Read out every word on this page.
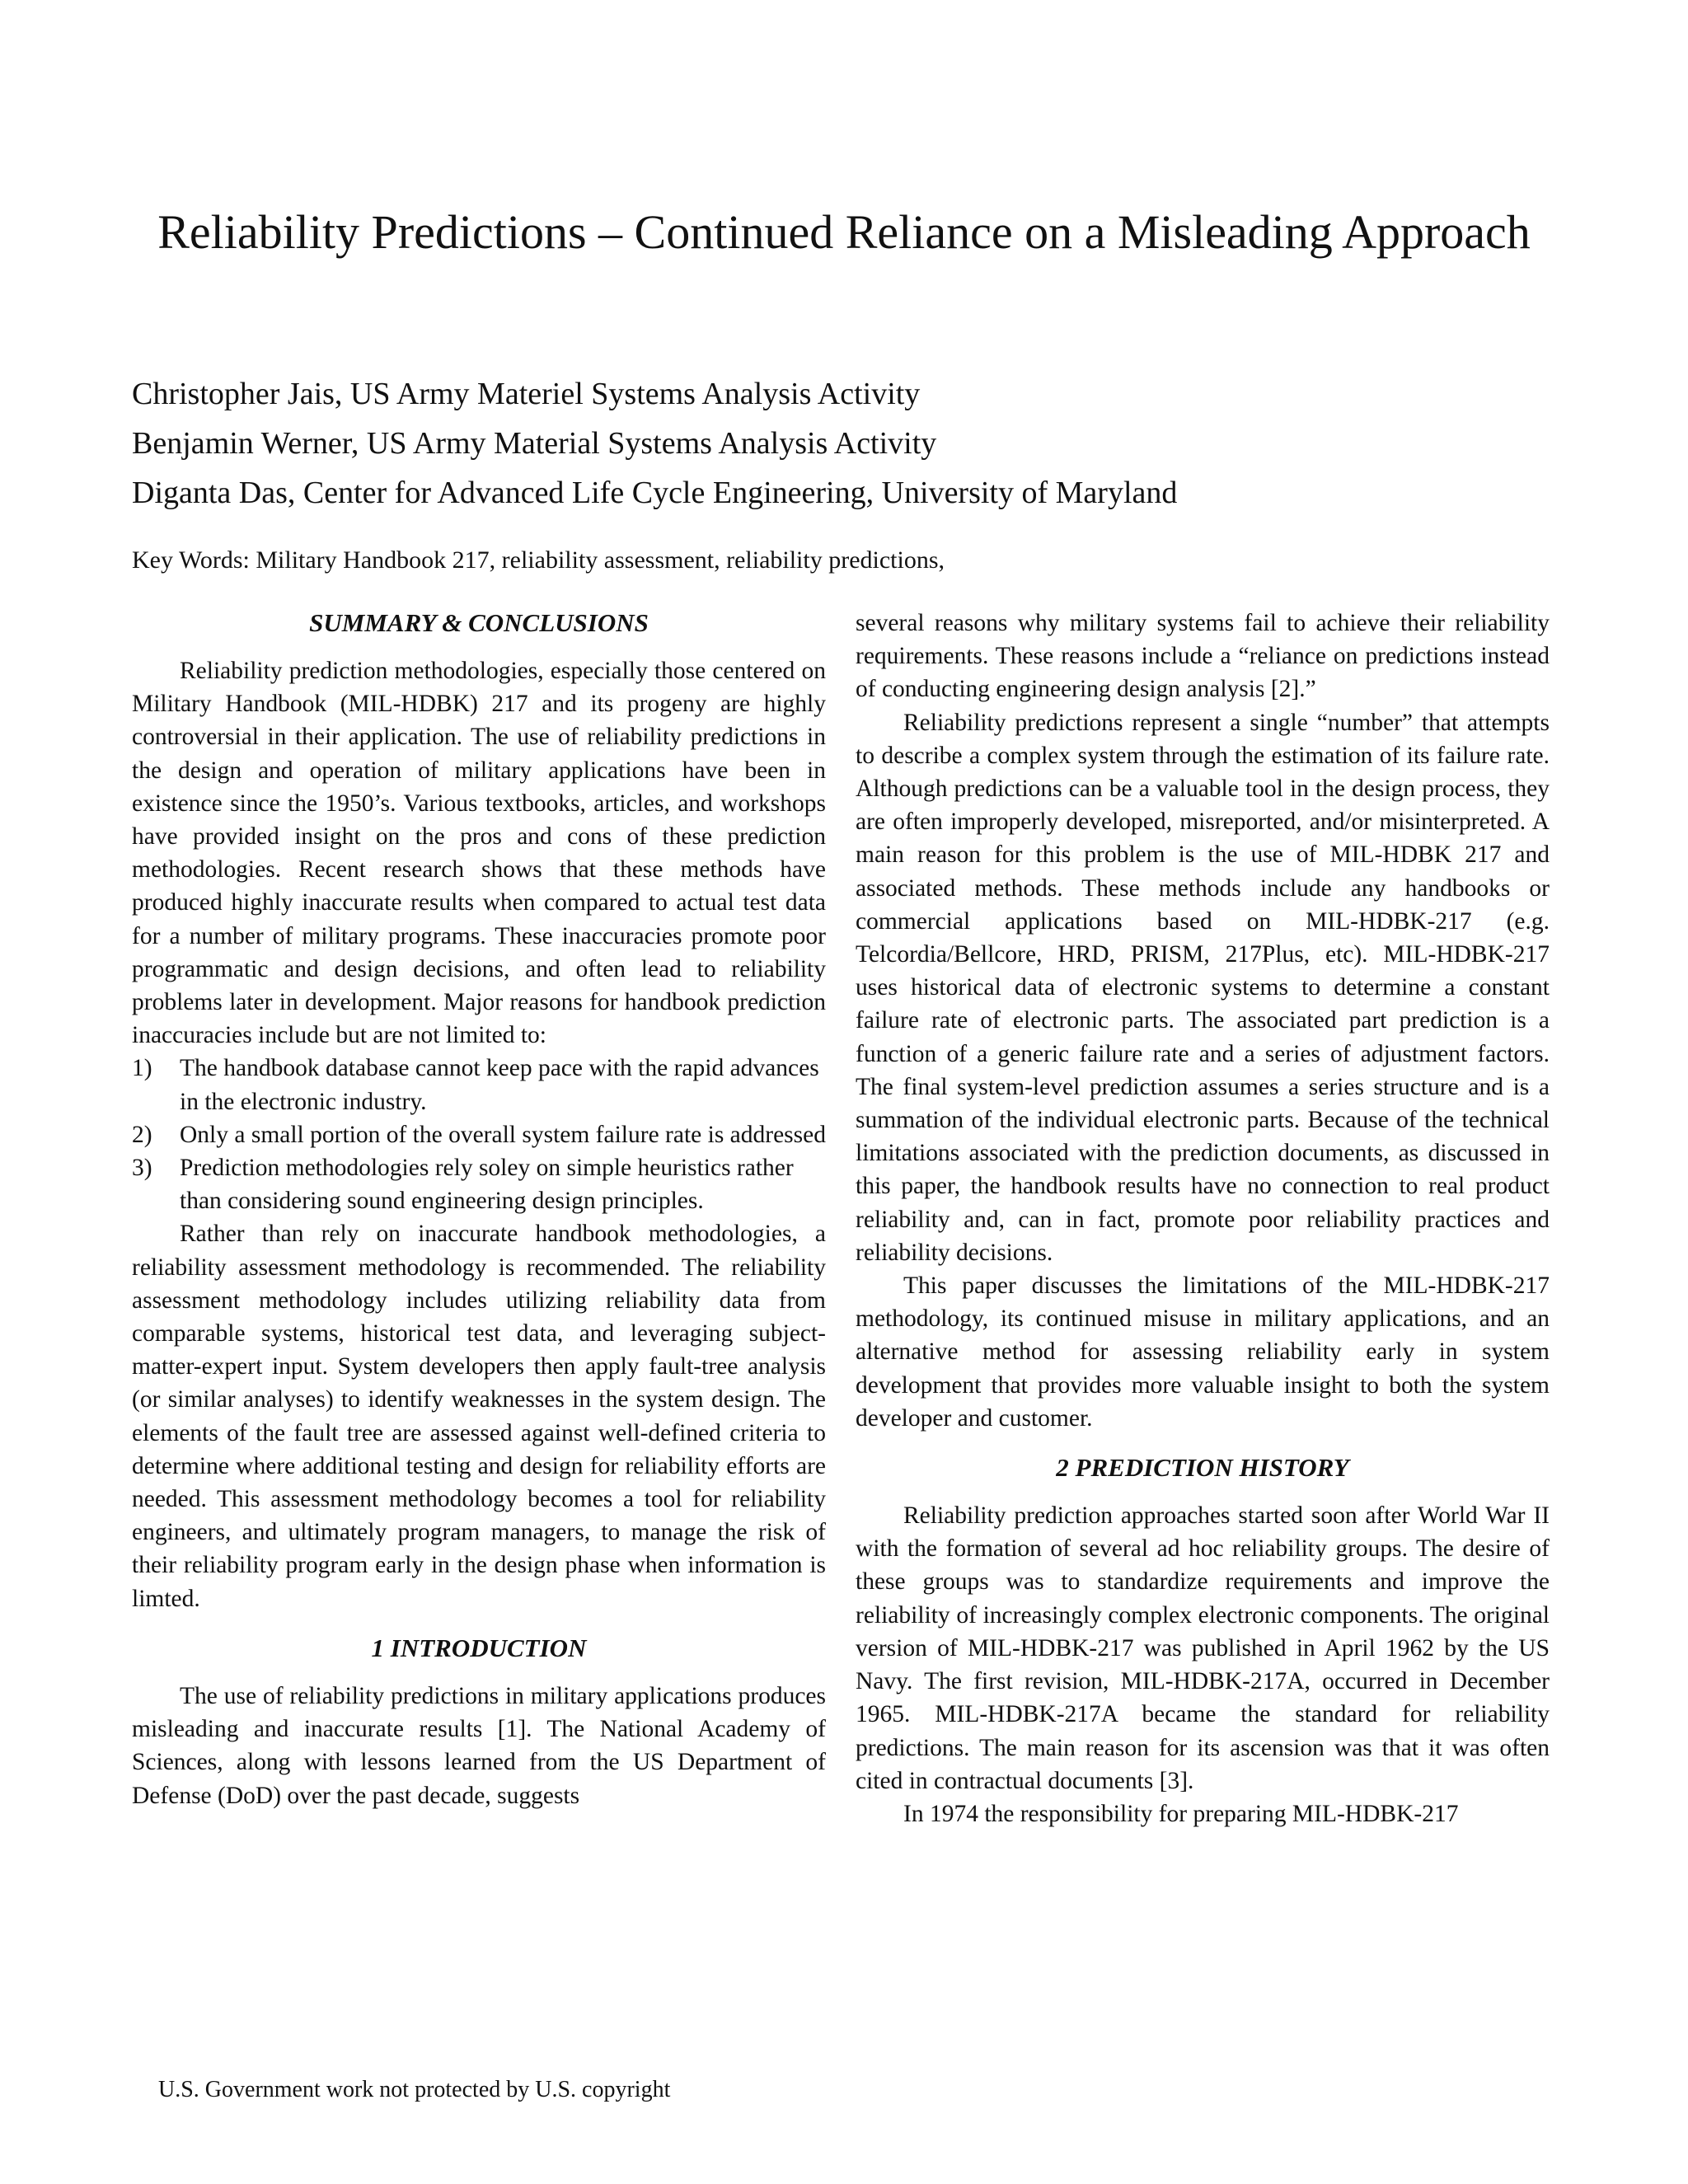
Reliability Predictions – Continued Reliance on a Misleading Approach
Christopher Jais, US Army Materiel Systems Analysis Activity
Benjamin Werner, US Army Material Systems Analysis Activity
Diganta Das, Center for Advanced Life Cycle Engineering, University of Maryland
Key Words: Military Handbook 217, reliability assessment, reliability predictions,
SUMMARY & CONCLUSIONS

Reliability prediction methodologies, especially those centered on Military Handbook (MIL-HDBK) 217 and its progeny are highly controversial in their application. The use of reliability predictions in the design and operation of military applications have been in existence since the 1950’s. Various textbooks, articles, and workshops have provided insight on the pros and cons of these prediction methodologies. Recent research shows that these methods have produced highly inaccurate results when compared to actual test data for a number of military programs. These inaccuracies promote poor programmatic and design decisions, and often lead to reliability problems later in development. Major reasons for handbook prediction inaccuracies include but are not limited to:

1) The handbook database cannot keep pace with the rapid advances in the electronic industry.
2) Only a small portion of the overall system failure rate is addressed
3) Prediction methodologies rely soley on simple heuristics rather than considering sound engineering design principles.

Rather than rely on inaccurate handbook methodologies, a reliability assessment methodology is recommended. The reliability assessment methodology includes utilizing reliability data from comparable systems, historical test data, and leveraging subject-matter-expert input. System developers then apply fault-tree analysis (or similar analyses) to identify weaknesses in the system design. The elements of the fault tree are assessed against well-defined criteria to determine where additional testing and design for reliability efforts are needed. This assessment methodology becomes a tool for reliability engineers, and ultimately program managers, to manage the risk of their reliability program early in the design phase when information is limted.

1 INTRODUCTION

The use of reliability predictions in military applications produces misleading and inaccurate results [1]. The National Academy of Sciences, along with lessons learned from the US Department of Defense (DoD) over the past decade, suggests

several reasons why military systems fail to achieve their reliability requirements. These reasons include a “reliance on predictions instead of conducting engineering design analysis [2].”

Reliability predictions represent a single “number” that attempts to describe a complex system through the estimation of its failure rate. Although predictions can be a valuable tool in the design process, they are often improperly developed, misreported, and/or misinterpreted. A main reason for this problem is the use of MIL-HDBK 217 and associated methods. These methods include any handbooks or commercial applications based on MIL-HDBK-217 (e.g. Telcordia/Bellcore, HRD, PRISM, 217Plus, etc). MIL-HDBK-217 uses historical data of electronic systems to determine a constant failure rate of electronic parts. The associated part prediction is a function of a generic failure rate and a series of adjustment factors. The final system-level prediction assumes a series structure and is a summation of the individual electronic parts. Because of the technical limitations associated with the prediction documents, as discussed in this paper, the handbook results have no connection to real product reliability and, can in fact, promote poor reliability practices and reliability decisions.

This paper discusses the limitations of the MIL-HDBK-217 methodology, its continued misuse in military applications, and an alternative method for assessing reliability early in system development that provides more valuable insight to both the system developer and customer.

2 PREDICTION HISTORY

Reliability prediction approaches started soon after World War II with the formation of several ad hoc reliability groups. The desire of these groups was to standardize requirements and improve the reliability of increasingly complex electronic components. The original version of MIL-HDBK-217 was published in April 1962 by the US Navy. The first revision, MIL-HDBK-217A, occurred in December 1965. MIL-HDBK-217A became the standard for reliability predictions. The main reason for its ascension was that it was often cited in contractual documents [3].

In 1974 the responsibility for preparing MIL-HDBK-217

U.S. Government work not protected by U.S. copyright
